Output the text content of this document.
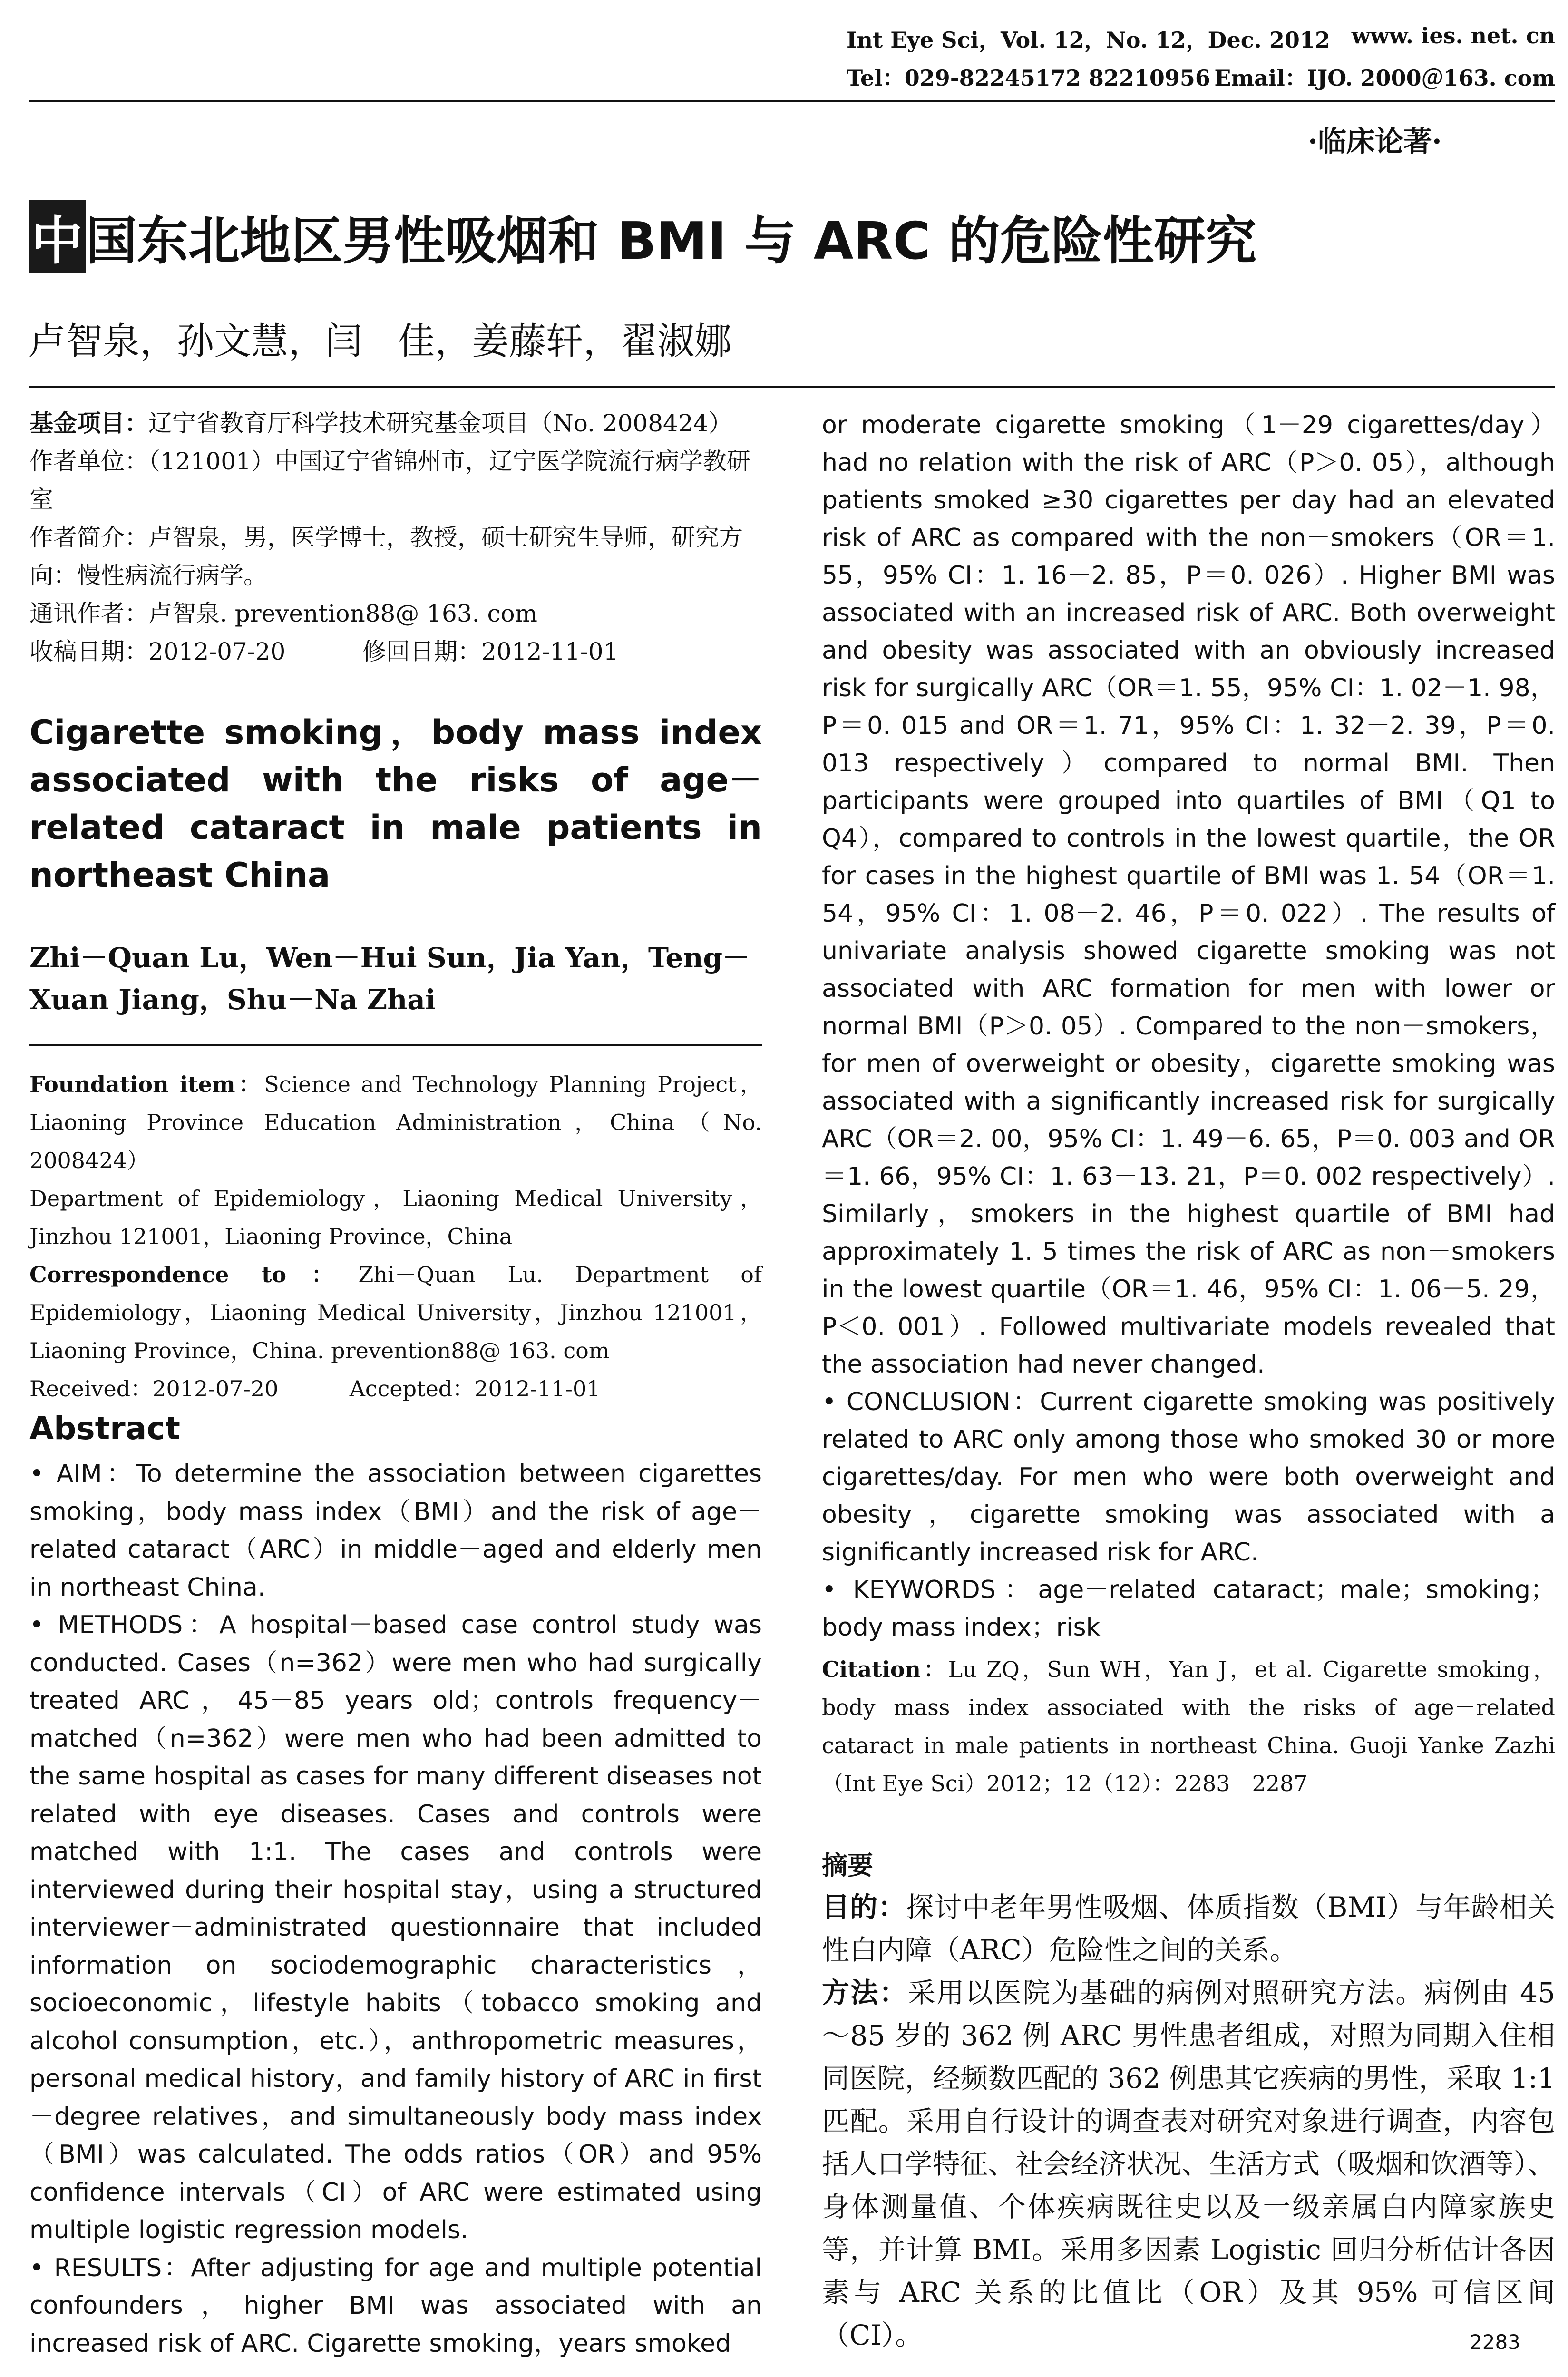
Int Eye Sci，Vol. 12，No. 12，Dec. 2012 www. ies. net. cn
Tel：029-82245172 82210956 Email：IJO. 2000＠163. com
·临床论著·
中国东北地区男性吸烟和 BMI 与 ARC 的危险性研究
卢智泉，孙文慧，闫   佳，姜藤轩，翟淑娜

基金项目：辽宁省教育厅科学技术研究基金项目（No. 2008424）

作者单位：（121001）中国辽宁省锦州市，辽宁医学院流行病学教研室

作者简介：卢智泉，男，医学博士，教授，硕士研究生导师，研究方向：慢性病流行病学。

通讯作者：卢智泉. prevention88@ 163. com

收稿日期：2012-07-20	修回日期：2012-11-01

Cigarette smoking，body mass index associated with the risks of age－related cataract in male patients in northeast China
Zhi－Quan Lu，Wen－Hui Sun，Jia Yan，Teng－Xuan Jiang，Shu－Na Zhai

Foundation item：Science and Technology Planning Project，Liaoning Province Education Administration，China（No. 2008424）

Department of Epidemiology，Liaoning Medical University，Jinzhou 121001，Liaoning Province，China

Correspondence to：Zhi－Quan Lu. Department of Epidemiology，Liaoning Medical University，Jinzhou 121001，Liaoning Province，China. prevention88@ 163. com

Received：2012-07-20	Accepted：2012-11-01

Abstract

• AIM：To determine the association between cigarettes smoking，body mass index（BMI）and the risk of age－related cataract（ARC）in middle－aged and elderly men in northeast China.

• METHODS：A hospital－based case control study was conducted. Cases（n=362）were men who had surgically treated ARC，45－85 years old；controls frequency－matched（n=362）were men who had been admitted to the same hospital as cases for many different diseases not related with eye diseases. Cases and controls were matched with 1:1. The cases and controls were interviewed during their hospital stay，using a structured interviewer－administrated questionnaire that included information on sociodemographic characteristics，socioeconomic，lifestyle habits（tobacco smoking and alcohol consumption，etc.），anthropometric measures，personal medical history，and family history of ARC in first－degree relatives，and simultaneously body mass index（BMI）was calculated. The odds ratios（OR）and 95% confidence intervals（CI）of ARC were estimated using multiple logistic regression models.

• RESULTS：After adjusting for age and multiple potential confounders，higher BMI was associated with an increased risk of ARC. Cigarette smoking，years smoked

or moderate cigarette smoking（1－29 cigarettes/day）had no relation with the risk of ARC（P＞0. 05），although patients smoked ≥30 cigarettes per day had an elevated risk of ARC as compared with the non－smokers（OR＝1. 55，95% CI：1. 16－2. 85，P＝0. 026）. Higher BMI was associated with an increased risk of ARC. Both overweight and obesity was associated with an obviously increased risk for surgically ARC（OR＝1. 55，95% CI：1. 02－1. 98，P＝0. 015 and OR＝1. 71，95% CI：1. 32－2. 39，P＝0. 013 respectively）compared to normal BMI. Then participants were grouped into quartiles of BMI（Q1 to Q4），compared to controls in the lowest quartile，the OR for cases in the highest quartile of BMI was 1. 54（OR＝1. 54，95% CI：1. 08－2. 46，P＝0. 022）. The results of univariate analysis showed cigarette smoking was not associated with ARC formation for men with lower or normal BMI（P＞0. 05）. Compared to the non－smokers，for men of overweight or obesity，cigarette smoking was associated with a significantly increased risk for surgically ARC（OR＝2. 00，95% CI：1. 49－6. 65，P＝0. 003 and OR＝1. 66，95% CI：1. 63－13. 21，P＝0. 002 respectively）. Similarly，smokers in the highest quartile of BMI had approximately 1. 5 times the risk of ARC as non－smokers in the lowest quartile（OR＝1. 46，95% CI：1. 06－5. 29，P＜0. 001）. Followed multivariate models revealed that the association had never changed.

• CONCLUSION：Current cigarette smoking was positively related to ARC only among those who smoked 30 or more cigarettes/day. For men who were both overweight and obesity，cigarette smoking was associated with a significantly increased risk for ARC.

• KEYWORDS：age－related cataract；male；smoking；body mass index；risk

Citation：Lu ZQ，Sun WH，Yan J，et al. Cigarette smoking，body mass index associated with the risks of age－related cataract in male patients in northeast China. Guoji Yanke Zazhi（Int Eye Sci）2012；12（12）：2283－2287
摘要

目的：探讨中老年男性吸烟、体质指数（BMI）与年龄相关性白内障（ARC）危险性之间的关系。

方法：采用以医院为基础的病例对照研究方法。病例由 45～85 岁的 362 例 ARC 男性患者组成，对照为同期入住相同医院，经频数匹配的 362 例患其它疾病的男性，采取 1:1 匹配。采用自行设计的调查表对研究对象进行调查，内容包括人口学特征、社会经济状况、生活方式（吸烟和饮酒等）、身体测量值、个体疾病既往史以及一级亲属白内障家族史等，并计算 BMI。采用多因素 Logistic 回归分析估计各因素与 ARC 关系的比值比（OR）及其 95% 可信区间（CI）。	2283
